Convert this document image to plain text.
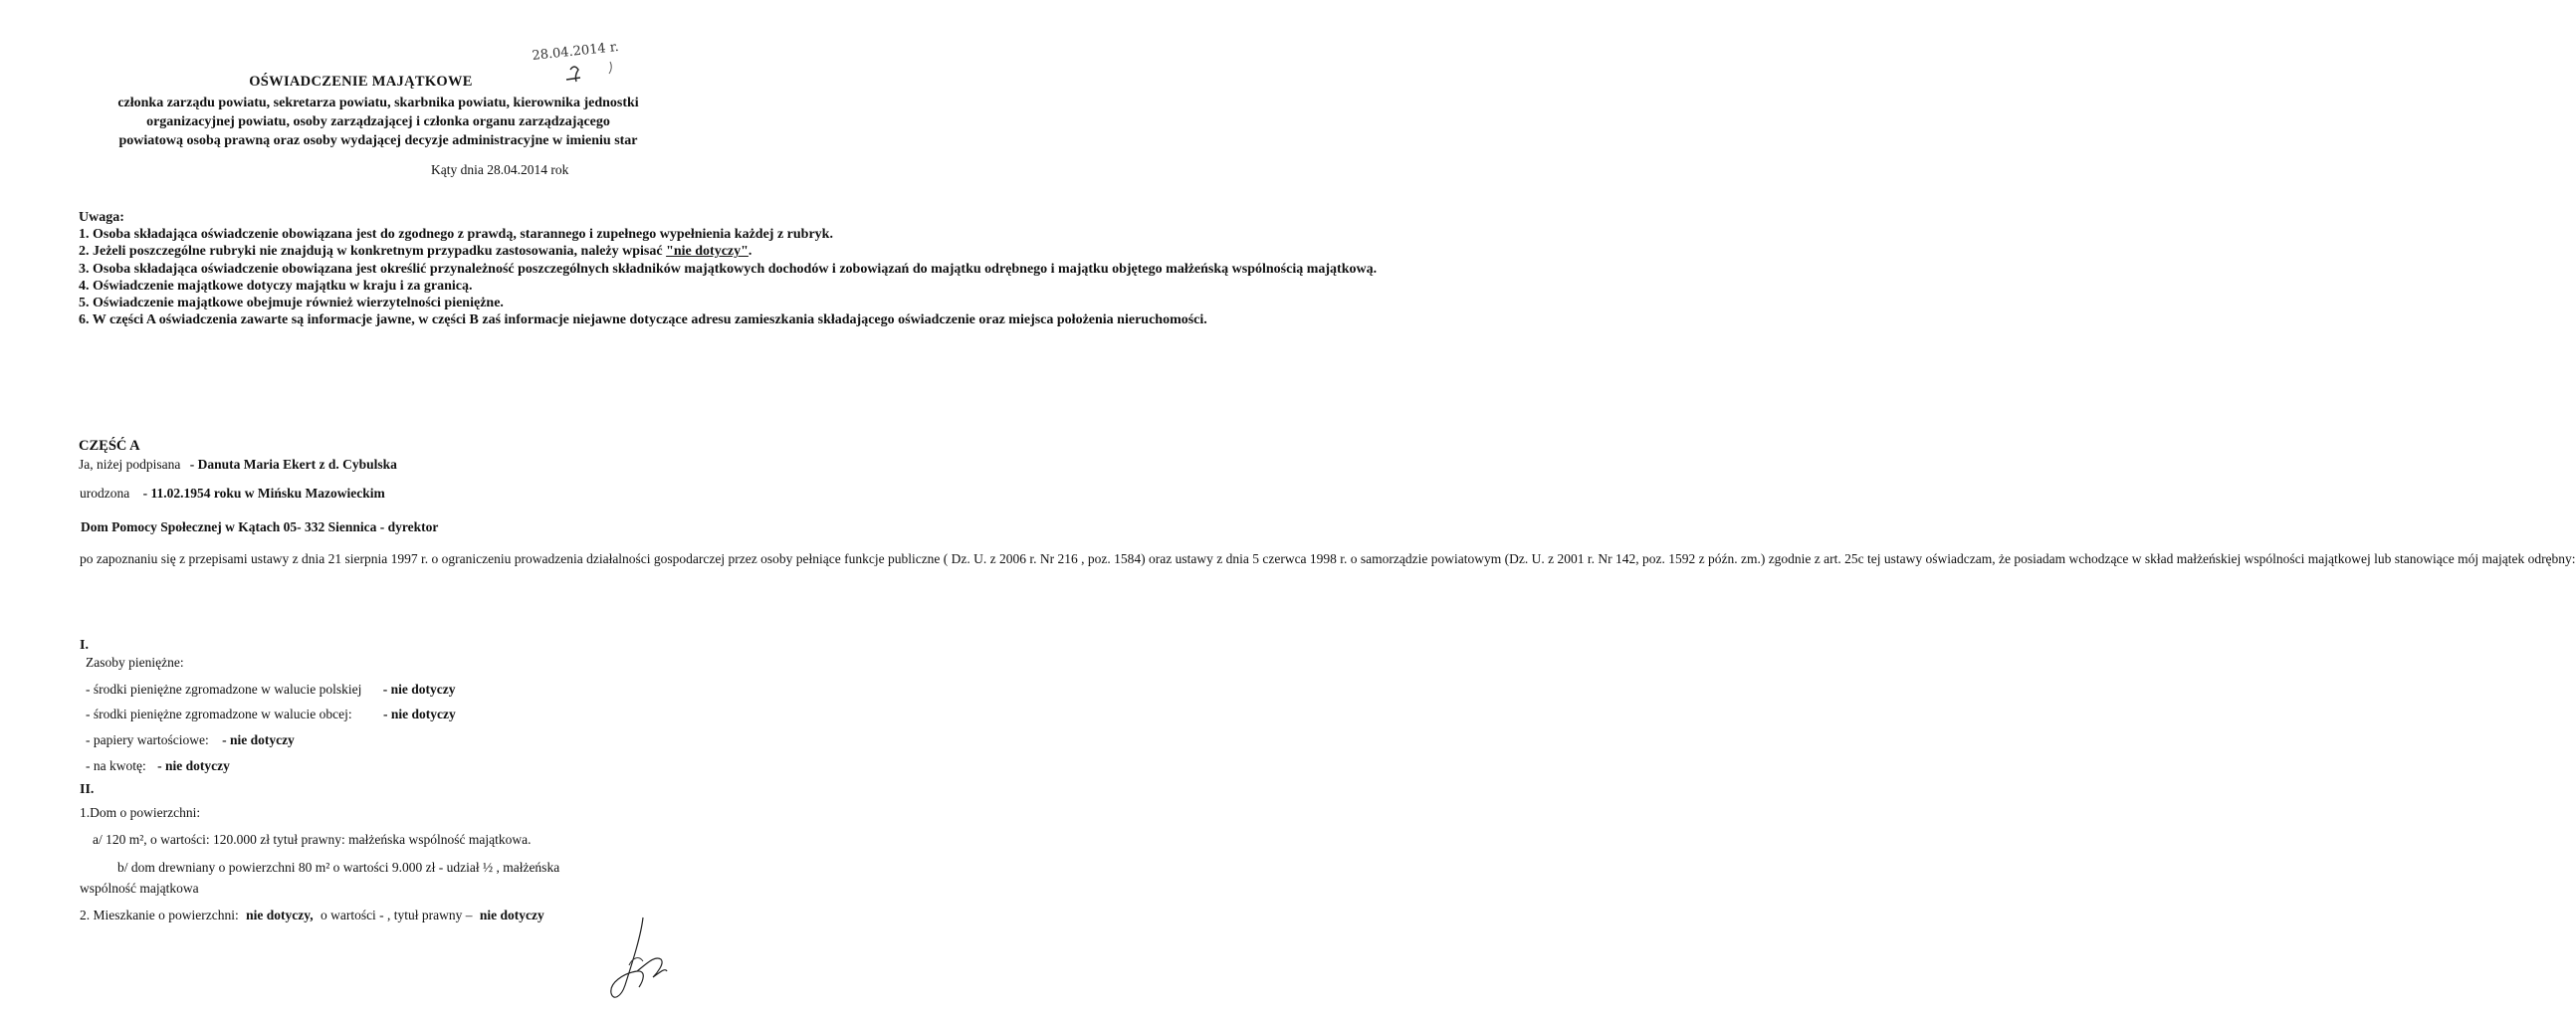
28.04.2014 r.
OŚWIADCZENIE MAJĄTKOWE
członka zarządu powiatu, sekretarza powiatu, skarbnika powiatu, kierownika jednostki
organizacyjnej powiatu, osoby zarządzającej i członka organu zarządzającego
powiatową osobą prawną oraz osoby wydającej decyzje administracyjne w imieniu star
Kąty dnia 28.04.2014 rok

Uwaga:

1. Osoba składająca oświadczenie obowiązana jest do zgodnego z prawdą, starannego i zupełnego wypełnienia każdej z rubryk.

2. Jeżeli poszczególne rubryki nie znajdują w konkretnym przypadku zastosowania, należy wpisać "nie dotyczy".

3. Osoba składająca oświadczenie obowiązana jest określić przynależność poszczególnych składników majątkowych dochodów i zobowiązań do majątku odrębnego i majątku objętego małżeńską wspólnością majątkową.

4. Oświadczenie majątkowe dotyczy majątku w kraju i za granicą.

5. Oświadczenie majątkowe obejmuje również wierzytelności pieniężne.

6. W części A oświadczenia zawarte są informacje jawne, w części B zaś informacje niejawne dotyczące adresu zamieszkania składającego oświadczenie oraz miejsca położenia nieruchomości.

CZĘŚĆ A
Ja, niżej podpisana - Danuta Maria Ekert z d. Cybulska
urodzona - 11.02.1954 roku w Mińsku Mazowieckim
Dom Pomocy Społecznej w Kątach 05- 332 Siennica - dyrektor

po zapoznaniu się z przepisami ustawy z dnia 21 sierpnia 1997 r. o ograniczeniu prowadzenia działalności gospodarczej przez osoby pełniące funkcje publiczne ( Dz. U. z 2006 r. Nr 216 , poz. 1584) oraz ustawy z dnia 5 czerwca 1998 r. o samorządzie powiatowym (Dz. U. z 2001 r. Nr 142, poz. 1592 z późn. zm.) zgodnie z art. 25c tej ustawy oświadczam, że posiadam wchodzące w skład małżeńskiej wspólności majątkowej lub stanowiące mój majątek odrębny:

I.
Zasoby pieniężne:
- środki pieniężne zgromadzone w walucie polskiej - nie dotyczy
- środki pieniężne zgromadzone w walucie obcej: - nie dotyczy
- papiery wartościowe: - nie dotyczy
- na kwotę: - nie dotyczy
II.
1.Dom o powierzchni:
a/ 120 m², o wartości: 120.000 zł tytuł prawny: małżeńska wspólność majątkowa.
b/ dom drewniany o powierzchni 80 m² o wartości 9.000 zł - udział ½ , małżeńska
wspólność majątkowa
2. Mieszkanie o powierzchni: nie dotyczy, o wartości - , tytuł prawny – nie dotyczy
